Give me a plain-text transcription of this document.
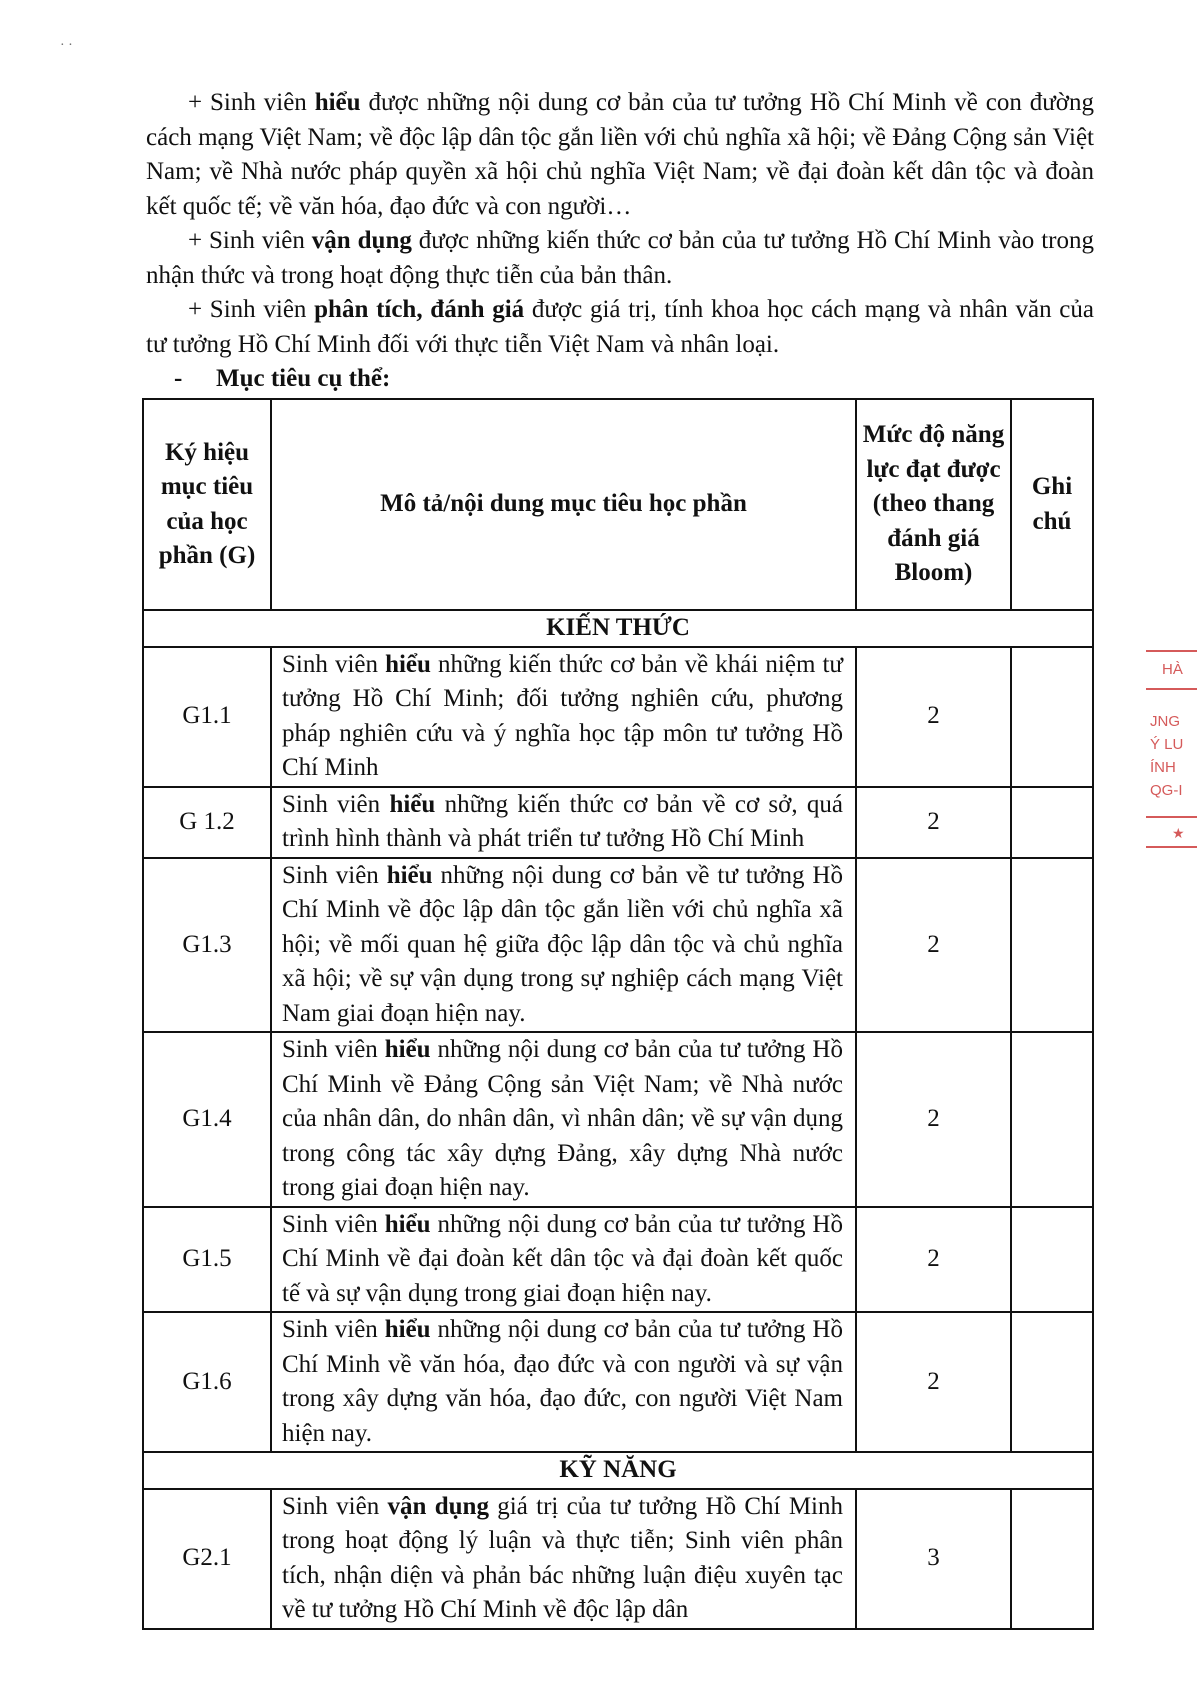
· ·
+ Sinh viên hiểu được những nội dung cơ bản của tư tưởng Hồ Chí Minh về con đường cách mạng Việt Nam; về độc lập dân tộc gắn liền với chủ nghĩa xã hội; về Đảng Cộng sản Việt Nam; về Nhà nước pháp quyền xã hội chủ nghĩa Việt Nam; về đại đoàn kết dân tộc và đoàn kết quốc tế; về văn hóa, đạo đức và con người…
+ Sinh viên vận dụng được những kiến thức cơ bản của tư tưởng Hồ Chí Minh vào trong nhận thức và trong hoạt động thực tiễn của bản thân.
+ Sinh viên phân tích, đánh giá được giá trị, tính khoa học cách mạng và nhân văn của tư tưởng Hồ Chí Minh đối với thực tiễn Việt Nam và nhân loại.
- Mục tiêu cụ thể:
Ký hiệu mục tiêu của học phần (G)	Mô tả/nội dung mục tiêu học phần	Mức độ năng lực đạt được (theo thang đánh giá Bloom)	Ghi chú
KIẾN THỨC			
G1.1	Sinh viên hiểu những kiến thức cơ bản về khái niệm tư tưởng Hồ Chí Minh; đối tưởng nghiên cứu, phương pháp nghiên cứu và ý nghĩa học tập môn tư tưởng Hồ Chí Minh	2	
G 1.2	Sinh viên hiểu những kiến thức cơ bản về cơ sở, quá trình hình thành và phát triển tư tưởng Hồ Chí Minh	2	
G1.3	Sinh viên hiểu những nội dung cơ bản về tư tưởng Hồ Chí Minh về độc lập dân tộc gắn liền với chủ nghĩa xã hội; về mối quan hệ giữa độc lập dân tộc và chủ nghĩa xã hội; về sự vận dụng trong sự nghiệp cách mạng Việt Nam giai đoạn hiện nay.	2	
G1.4	Sinh viên hiểu những nội dung cơ bản của tư tưởng Hồ Chí Minh về Đảng Cộng sản Việt Nam; về Nhà nước của nhân dân, do nhân dân, vì nhân dân; về sự vận dụng trong công tác xây dựng Đảng, xây dựng Nhà nước trong giai đoạn hiện nay.	2	
G1.5	Sinh viên hiểu những nội dung cơ bản của tư tưởng Hồ Chí Minh về đại đoàn kết dân tộc và đại đoàn kết quốc tế và sự vận dụng trong giai đoạn hiện nay.	2	
G1.6	Sinh viên hiểu những nội dung cơ bản của tư tưởng Hồ Chí Minh về văn hóa, đạo đức và con người và sự vận trong xây dựng văn hóa, đạo đức, con người Việt Nam hiện nay.	2	
KỸ NĂNG			
G2.1	Sinh viên vận dụng giá trị của tư tưởng Hồ Chí Minh trong hoạt động lý luận và thực tiễn; Sinh viên phân tích, nhận diện và phản bác những luận điệu xuyên tạc về tư tưởng Hồ Chí Minh về độc lập dân	3	
HÀ
JNG
Ý LU
ÍNH
QG-I
★
